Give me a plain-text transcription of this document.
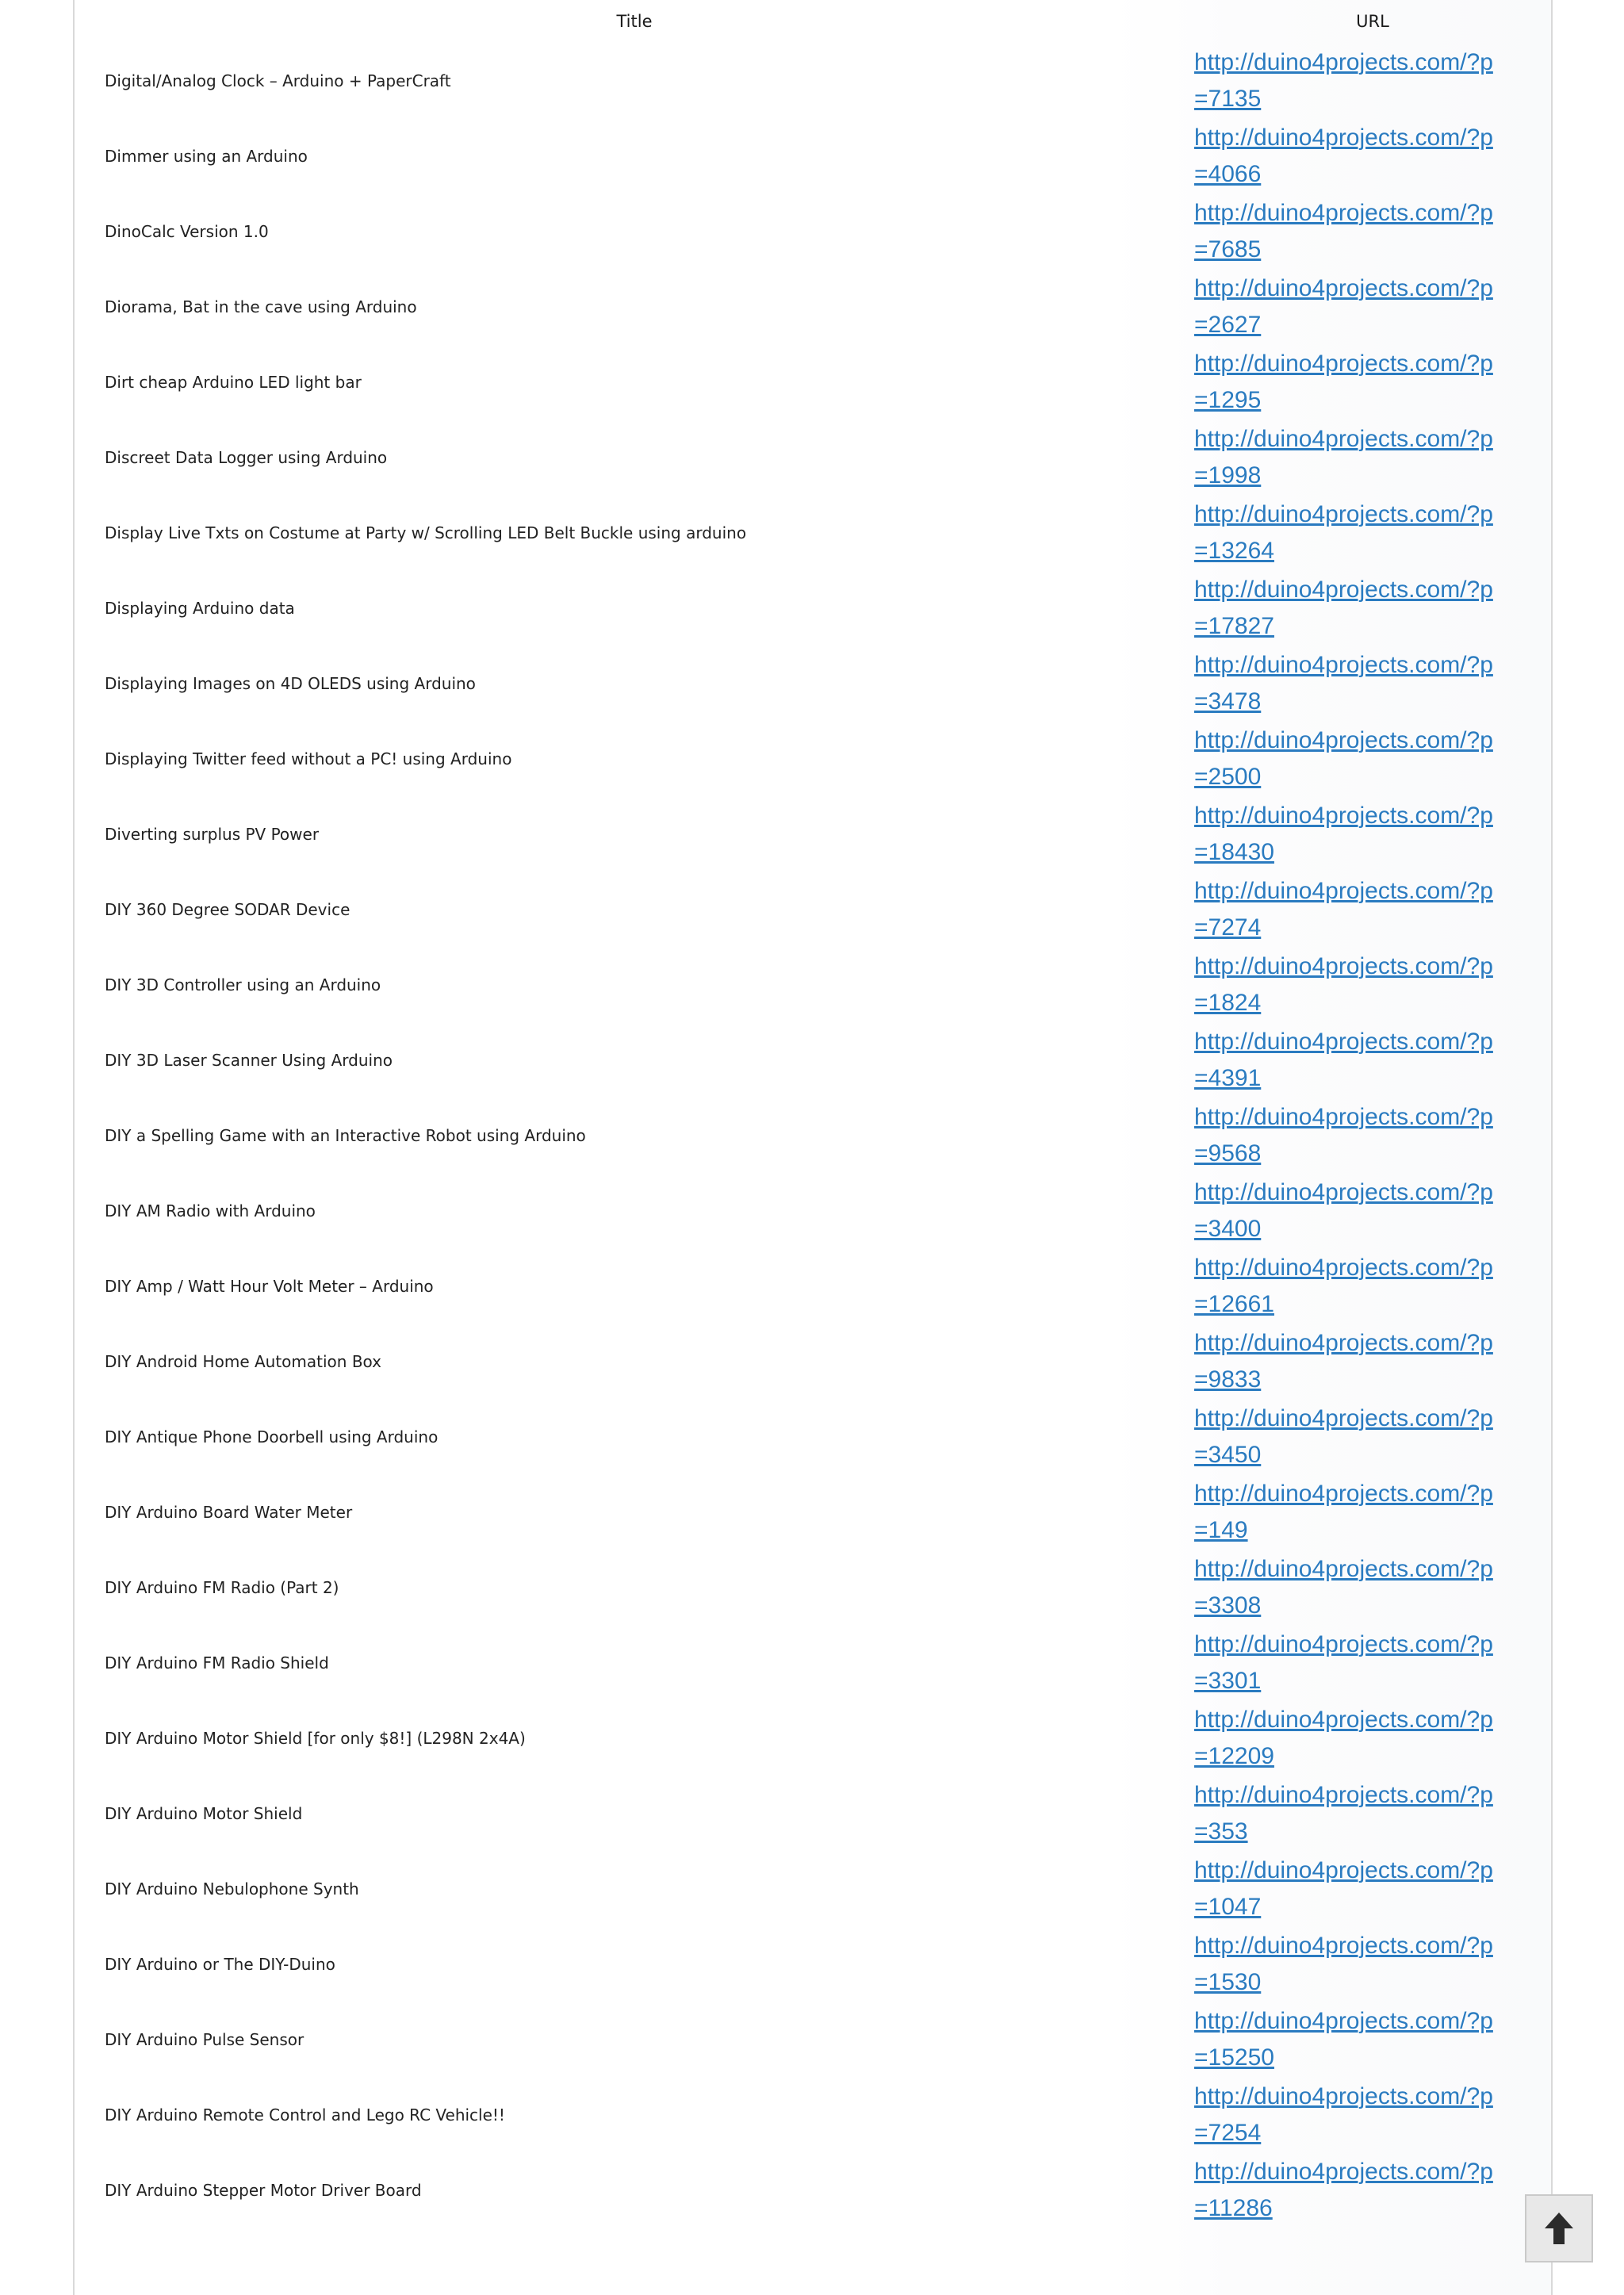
Title	URL
Digital/Analog Clock – Arduino + PaperCraft	http://duino4projects.com/?p=7135

Dimmer using an Arduino	http://duino4projects.com/?p=4066

DinoCalc Version 1.0	http://duino4projects.com/?p=7685

Diorama, Bat in the cave using Arduino	http://duino4projects.com/?p=2627

Dirt cheap Arduino LED light bar	http://duino4projects.com/?p=1295

Discreet Data Logger using Arduino	http://duino4projects.com/?p=1998

Display Live Txts on Costume at Party w/ Scrolling LED Belt Buckle using arduino	http://duino4projects.com/?p=13264

Displaying Arduino data	http://duino4projects.com/?p=17827

Displaying Images on 4D OLEDS using Arduino	http://duino4projects.com/?p=3478

Displaying Twitter feed without a PC! using Arduino	http://duino4projects.com/?p=2500

Diverting surplus PV Power	http://duino4projects.com/?p=18430

DIY 360 Degree SODAR Device	http://duino4projects.com/?p=7274

DIY 3D Controller using an Arduino	http://duino4projects.com/?p=1824

DIY 3D Laser Scanner Using Arduino	http://duino4projects.com/?p=4391

DIY a Spelling Game with an Interactive Robot using Arduino	http://duino4projects.com/?p=9568

DIY AM Radio with Arduino	http://duino4projects.com/?p=3400

DIY Amp / Watt Hour Volt Meter – Arduino	http://duino4projects.com/?p=12661

DIY Android Home Automation Box	http://duino4projects.com/?p=9833

DIY Antique Phone Doorbell using Arduino	http://duino4projects.com/?p=3450

DIY Arduino Board Water Meter	http://duino4projects.com/?p=149

DIY Arduino FM Radio (Part 2)	http://duino4projects.com/?p=3308

DIY Arduino FM Radio Shield	http://duino4projects.com/?p=3301

DIY Arduino Motor Shield [for only $8!] (L298N 2x4A)	http://duino4projects.com/?p=12209

DIY Arduino Motor Shield	http://duino4projects.com/?p=353

DIY Arduino Nebulophone Synth	http://duino4projects.com/?p=1047

DIY Arduino or The DIY-Duino	http://duino4projects.com/?p=1530

DIY Arduino Pulse Sensor	http://duino4projects.com/?p=15250

DIY Arduino Remote Control and Lego RC Vehicle!!	http://duino4projects.com/?p=7254

DIY Arduino Stepper Motor Driver Board	http://duino4projects.com/?p=11286
